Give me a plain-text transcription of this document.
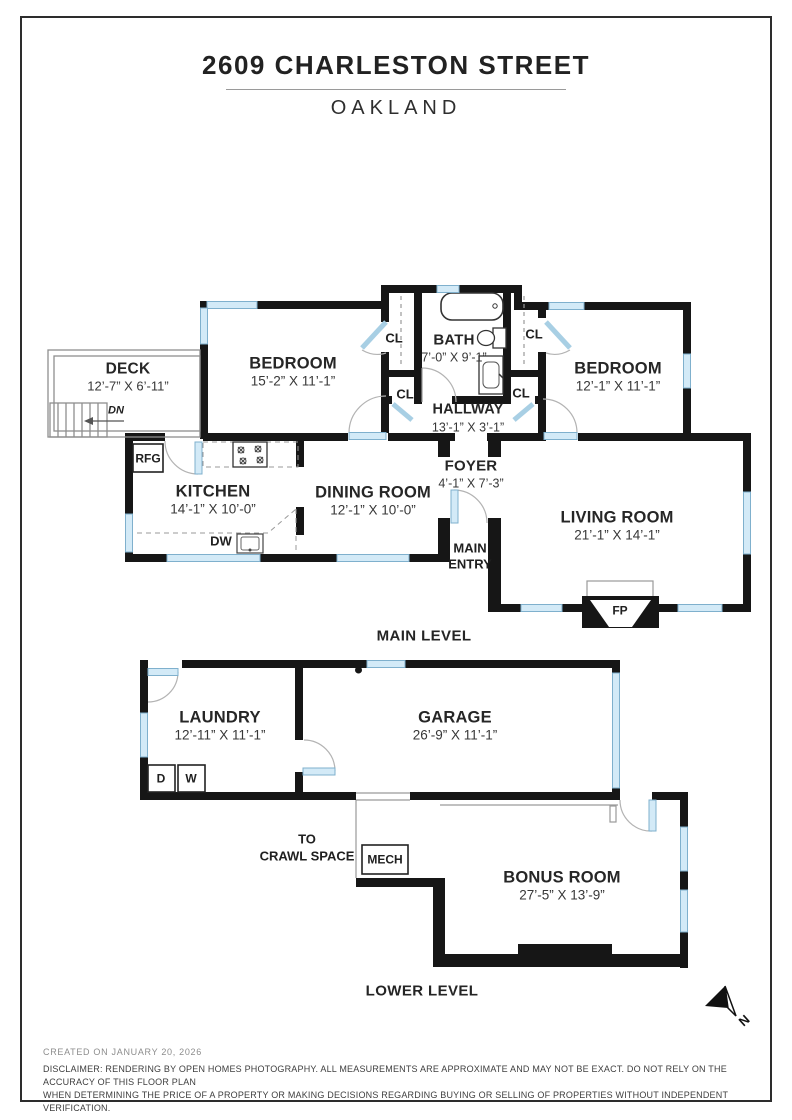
2609 CHARLESTON STREET
OAKLAND
N
DECK
12’-7” X 6’-11”
BEDROOM
15’-2” X 11’-1”
BATH
7’-0” X 9’-1”
BEDROOM
12’-1” X 11’-1”
HALLWAY
13’-1” X 3’-1”
KITCHEN
14’-1” X 10’-0”
DINING ROOM
12’-1” X 10’-0”
FOYER
4’-1” X 7’-3”
LIVING ROOM
21’-1” X 14’-1”
LAUNDRY
12’-11” X 11’-1”
GARAGE
26’-9” X 11’-1”
BONUS ROOM
27’-5” X 13’-9”
CL
CL
CL
CL
RFG
DW
FP
DN
MAIN
ENTRY
TO
CRAWL SPACE MECH
D W
MAIN LEVEL
LOWER LEVEL
CREATED ON JANUARY 20, 2026
DISCLAIMER: RENDERING BY OPEN HOMES PHOTOGRAPHY. ALL MEASUREMENTS ARE APPROXIMATE AND MAY NOT BE EXACT. DO NOT RELY ON THE ACCURACY OF THIS FLOOR PLAN
WHEN DETERMINING THE PRICE OF A PROPERTY OR MAKING DECISIONS REGARDING BUYING OR SELLING OF PROPERTIES WITHOUT INDEPENDENT VERIFICATION.
